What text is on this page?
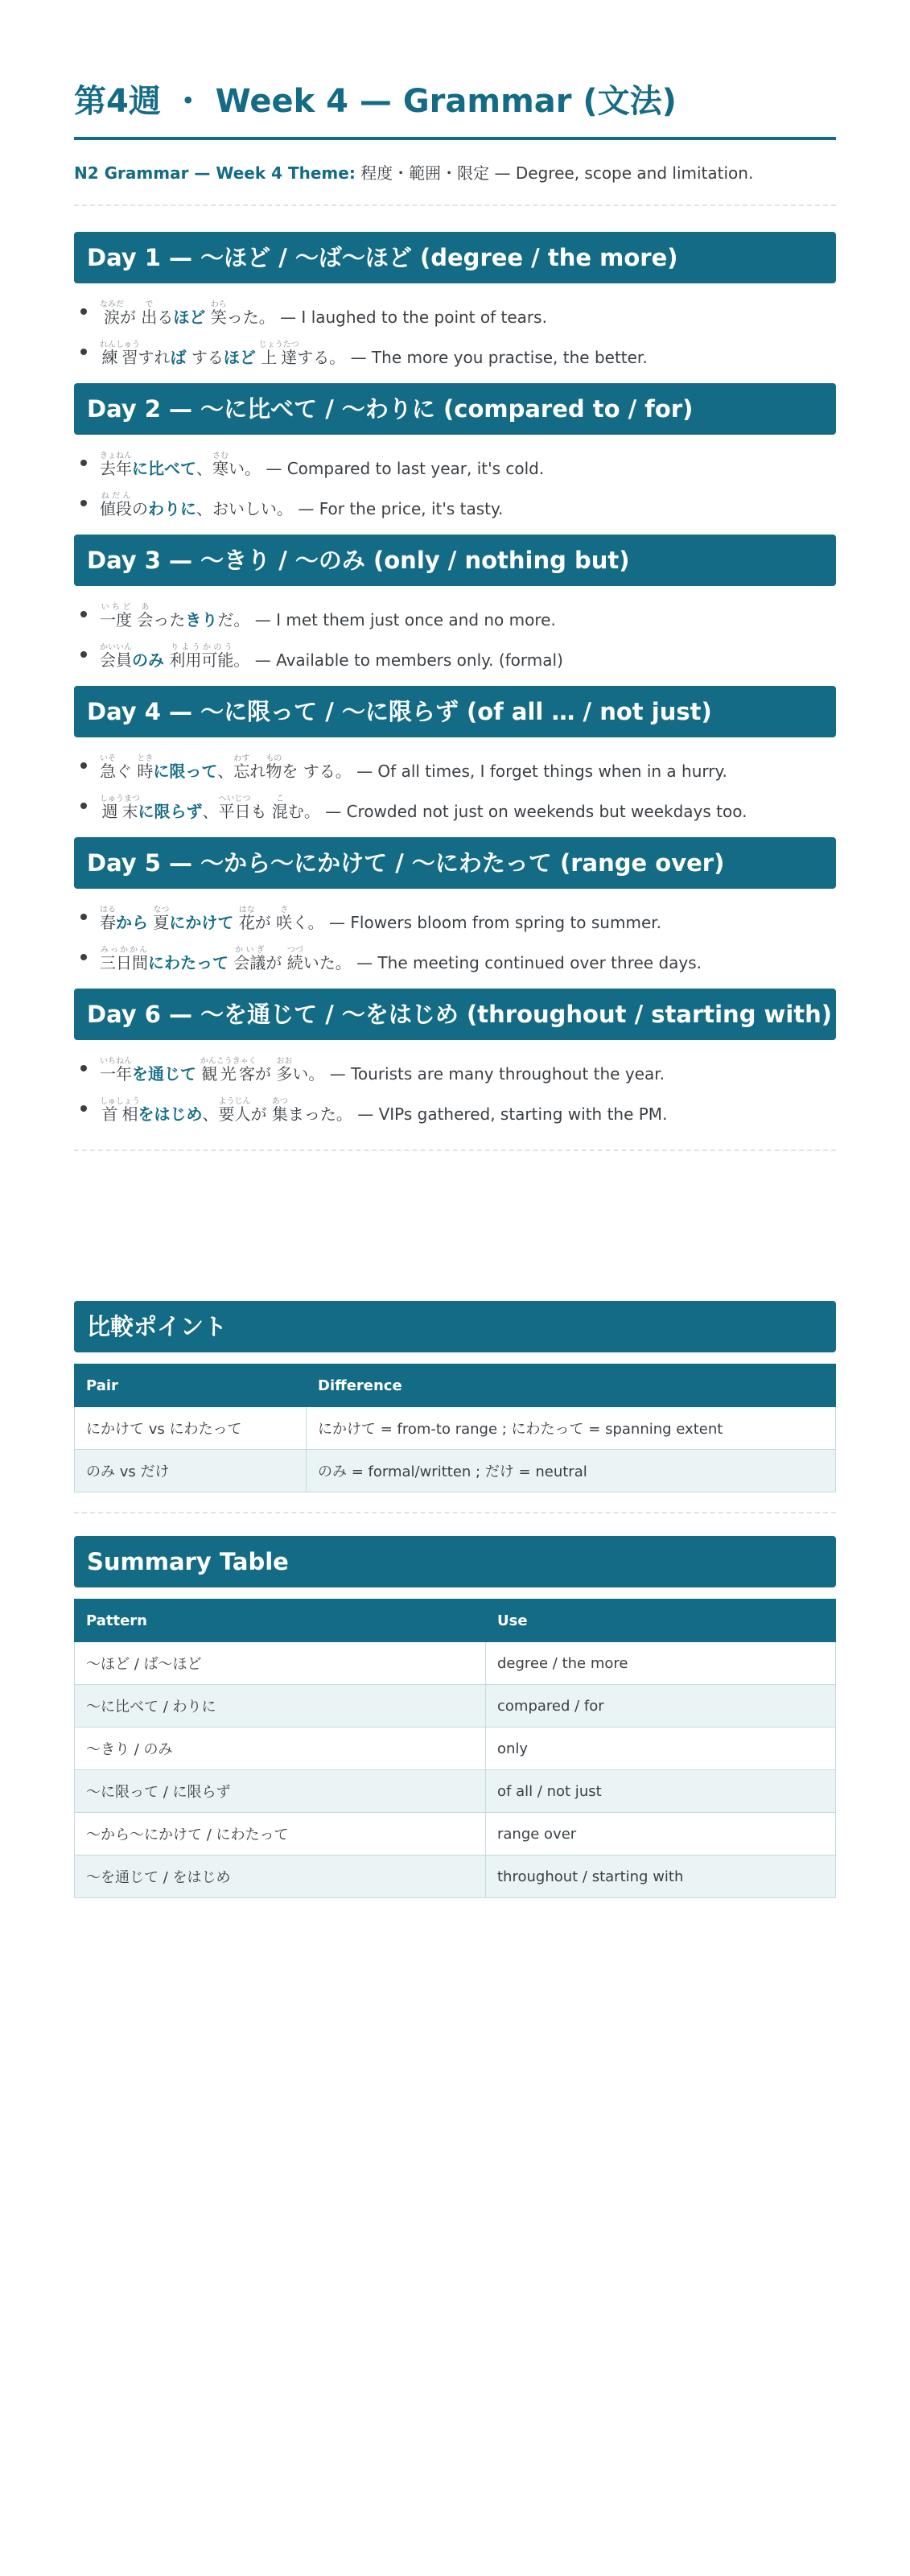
第4週 ・ Week 4 — Grammar (文法)
N2 Grammar — Week 4 Theme: 程度・範囲・限定 — Degree, scope and limitation.
Day 1 — 〜ほど / 〜ば〜ほど (degree / the more)
涙なみだが 出でるほど 笑わらった。 — I laughed to the point of tears.
練習れんしゅうすれば するほど 上達じょうたつする。 — The more you practise, the better.
Day 2 — 〜に比べて / 〜わりに (compared to / for)
去年きょねんに比べて、寒さむい。 — Compared to last year, it's cold.
値段ねだんのわりに、おいしい。 — For the price, it's tasty.
Day 3 — 〜きり / 〜のみ (only / nothing but)
一度いちど 会あったきりだ。 — I met them just once and no more.
会員かいいんのみ 利用可能りようかのう。 — Available to members only. (formal)
Day 4 — 〜に限って / 〜に限らず (of all … / not just)
急いそぐ 時ときに限って、忘わすれ物ものを する。 — Of all times, I forget things when in a hurry.
週末しゅうまつに限らず、平日へいじつも 混こむ。 — Crowded not just on weekends but weekdays too.
Day 5 — 〜から〜にかけて / 〜にわたって (range over)
春はるから 夏なつにかけて 花はなが 咲さく。 — Flowers bloom from spring to summer.
三日間みっかかんにわたって 会議かいぎが 続つづいた。 — The meeting continued over three days.
Day 6 — 〜を通じて / 〜をはじめ (throughout / starting with)
一年いちねんを通じて 観光客かんこうきゃくが 多おおい。 — Tourists are many throughout the year.
首相しゅしょうをはじめ、要人ようじんが 集あつまった。 — VIPs gathered, starting with the PM.
比較ポイント
Pair	Difference
にかけて vs にわたって	にかけて = from-to range ; にわたって = spanning extent
のみ vs だけ	のみ = formal/written ; だけ = neutral
Summary Table
Pattern	Use
〜ほど / ば〜ほど	degree / the more
〜に比べて / わりに	compared / for
〜きり / のみ	only
〜に限って / に限らず	of all / not just
〜から〜にかけて / にわたって	range over
〜を通じて / をはじめ	throughout / starting with
